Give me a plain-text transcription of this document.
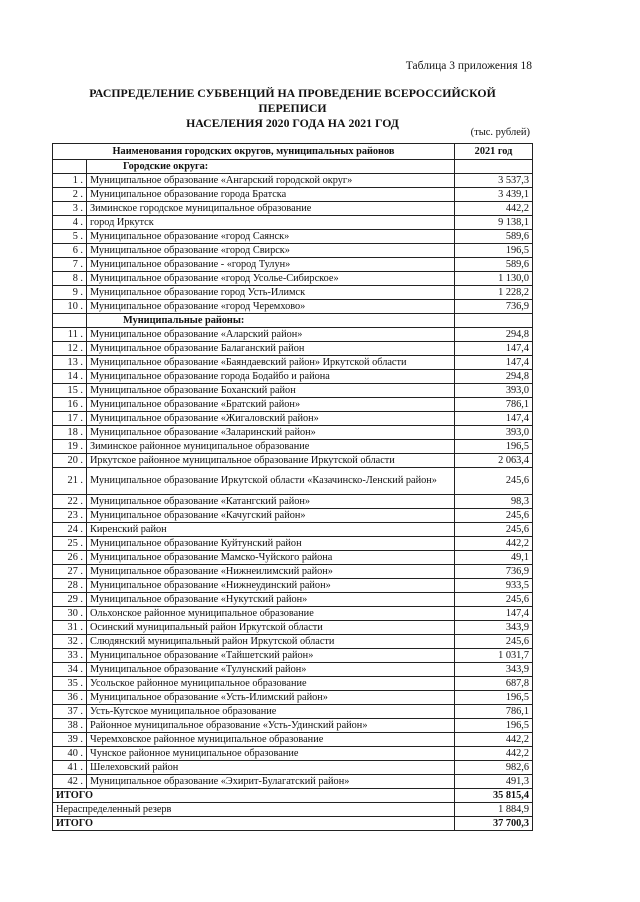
Таблица 3 приложения 18
РАСПРЕДЕЛЕНИЕ СУБВЕНЦИЙ НА ПРОВЕДЕНИЕ ВСЕРОССИЙСКОЙ ПЕРЕПИСИ
НАСЕЛЕНИЯ 2020 ГОДА НА 2021 ГОД
(тыс. рублей)
Наименования городских округов, муниципальных районов		2021 год
	Городские округа:	
1 .	Муниципальное образование «Ангарский городской округ»	3 537,3
2 .	Муниципальное образование города Братска	3 439,1
3 .	Зиминское городское муниципальное образование	442,2
4 .	город Иркутск	9 138,1
5 .	Муниципальное образование «город Саянск»	589,6
6 .	Муниципальное образование «город Свирск»	196,5
7 .	Муниципальное образование - «город Тулун»	589,6
8 .	Муниципальное образование «город Усолье-Сибирское»	1 130,0
9 .	Муниципальное образование город Усть-Илимск	1 228,2
10 .	Муниципальное образование «город Черемхово»	736,9
	Муниципальные районы:	
11 .	Муниципальное образование «Аларский район»	294,8
12 .	Муниципальное образование Балаганский район	147,4
13 .	Муниципальное образование «Баяндаевский район» Иркутской области	147,4
14 .	Муниципальное образование города Бодайбо и района	294,8
15 .	Муниципальное образование Боханский район	393,0
16 .	Муниципальное образование «Братский район»	786,1
17 .	Муниципальное образование «Жигаловский район»	147,4
18 .	Муниципальное образование «Заларинский район»	393,0
19 .	Зиминское районное муниципальное образование	196,5
20 .	Иркутское районное муниципальное образование Иркутской области	2 063,4
21 .	Муниципальное образование Иркутской области «Казачинско-Ленский район»	245,6
22 .	Муниципальное образование «Катангский район»	98,3
23 .	Муниципальное образование «Качугский район»	245,6
24 .	Киренский район	245,6
25 .	Муниципальное образование Куйтунский район	442,2
26 .	Муниципальное образование Мамско-Чуйского района	49,1
27 .	Муниципальное образование «Нижнеилимский район»	736,9
28 .	Муниципальное образование «Нижнеудинский район»	933,5
29 .	Муниципальное образование «Нукутский район»	245,6
30 .	Ольхонское районное муниципальное образование	147,4
31 .	Осинский муниципальный район Иркутской области	343,9
32 .	Слюдянский муниципальный район Иркутской области	245,6
33 .	Муниципальное образование «Тайшетский район»	1 031,7
34 .	Муниципальное образование «Тулунский район»	343,9
35 .	Усольское районное муниципальное образование	687,8
36 .	Муниципальное образование «Усть-Илимский район»	196,5
37 .	Усть-Кутское муниципальное образование	786,1
38 .	Районное муниципальное образование «Усть-Удинский район»	196,5
39 .	Черемховское районное муниципальное образование	442,2
40 .	Чунское районное муниципальное образование	442,2
41 .	Шелеховский район	982,6
42 .	Муниципальное образование «Эхирит-Булагатский район»	491,3
ИТОГО		35 815,4
Нераспределенный резерв		1 884,9
ИТОГО		37 700,3
